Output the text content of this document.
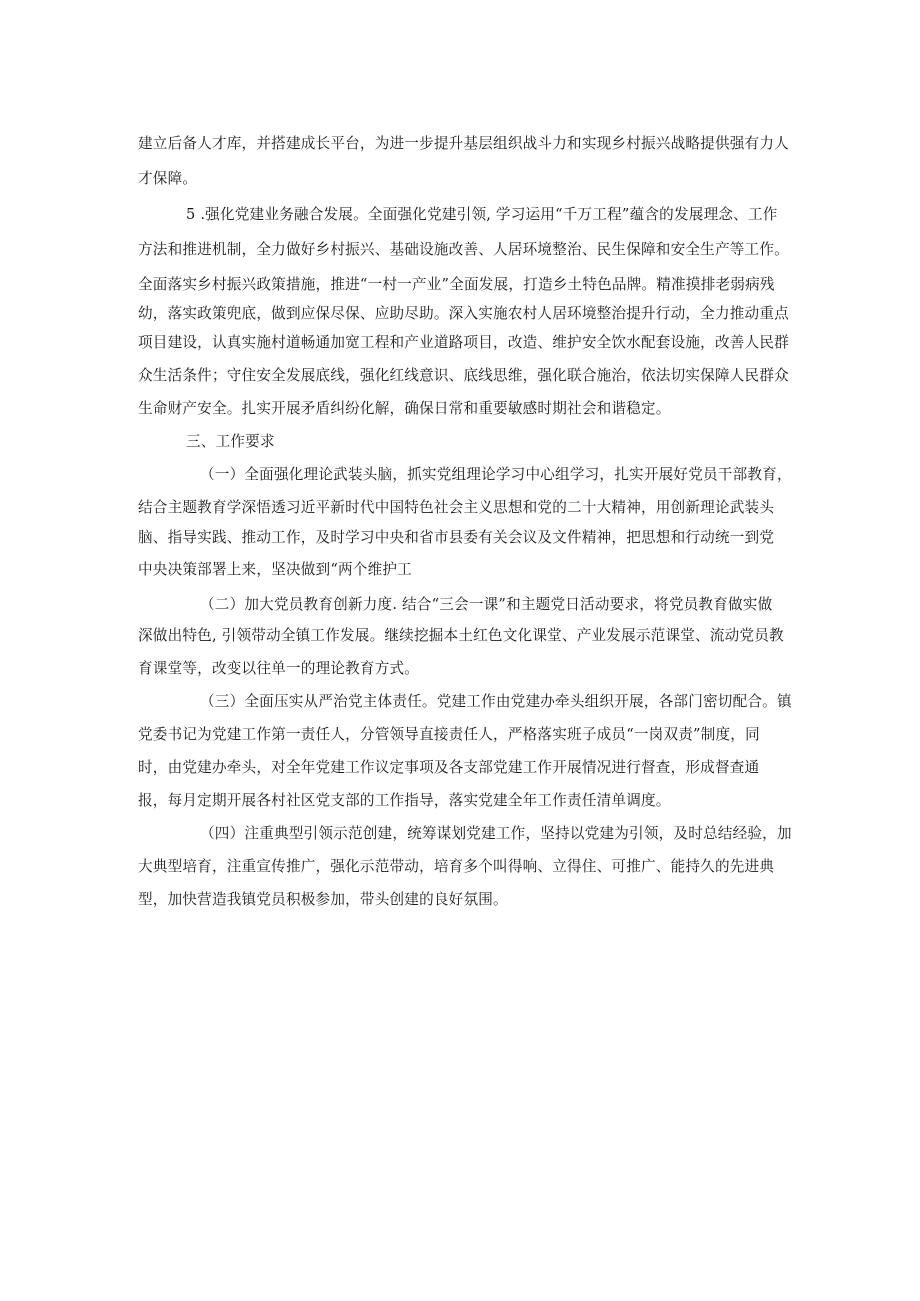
建立后备人才库，并搭建成长平台，为进一步提升基层组织战斗力和实现乡村振兴战略提供强有力人
才保障。
5 .强化党建业务融合发展。全面强化党建引领, 学习运用“千万工程”蕴含的发展理念、工作
方法和推进机制，全力做好乡村振兴、基础设施改善、人居环境整治、民生保障和安全生产等工作。
全面落实乡村振兴政策措施，推进“一村一产业”全面发展，打造乡土特色品牌。精准摸排老弱病残
幼，落实政策兜底，做到应保尽保、应助尽助。深入实施农村人居环境整治提升行动，全力推动重点
项目建设，认真实施村道畅通加宽工程和产业道路项目，改造、维护安全饮水配套设施，改善人民群
众生活条件；守住安全发展底线，强化红线意识、底线思维，强化联合施治，依法切实保障人民群众
生命财产安全。扎实开展矛盾纠纷化解，确保日常和重要敏感时期社会和谐稳定。
三、工作要求
（一）全面强化理论武装头脑，抓实党组理论学习中心组学习，扎实开展好党员干部教育，
结合主题教育学深悟透习近平新时代中国特色社会主义思想和党的二十大精神，用创新理论武装头
脑、指导实践、推动工作，及时学习中央和省市县委有关会议及文件精神，把思想和行动统一到党
中央决策部署上来，坚决做到“两个维护工
（二）加大党员教育创新力度. 结合“三会一课”和主题党日活动要求，将党员教育做实做
深做出特色, 引领带动全镇工作发展。继续挖掘本土红色文化课堂、产业发展示范课堂、流动党员教
育课堂等，改变以往单一的理论教育方式。
（三）全面压实从严治党主体责任。党建工作由党建办牵头组织开展，各部门密切配合。镇
党委书记为党建工作第一责任人，分管领导直接责任人，严格落实班子成员“一岗双责”制度，同
时，由党建办牵头，对全年党建工作议定事项及各支部党建工作开展情况进行督查，形成督查通
报，每月定期开展各村社区党支部的工作指导，落实党建全年工作责任清单调度。
（四）注重典型引领示范创建，统筹谋划党建工作，坚持以党建为引领，及时总结经验，加
大典型培育，注重宣传推广，强化示范带动，培育多个叫得响、立得住、可推广、能持久的先进典
型，加快营造我镇党员积极参加，带头创建的良好氛围。
